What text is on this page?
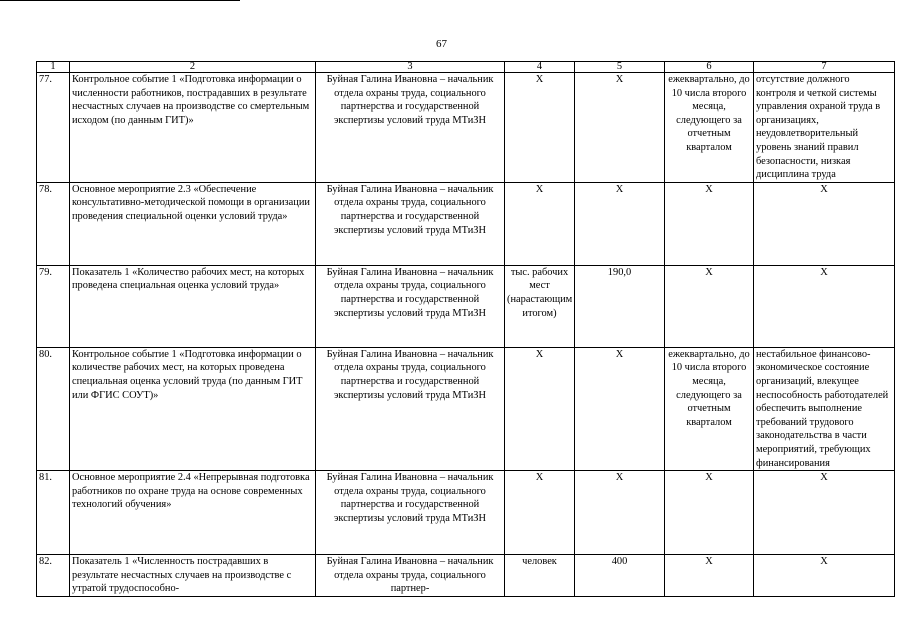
67
1	2	3	4	5	6	7
77.	Контрольное событие 1 «Подготовка информации о численности работников, пострадавших в результате несчастных случаев на производстве со смертельным исходом (по данным ГИТ)»	Буйная Галина Ивановна – начальник отдела охраны труда, социального партнерства и государственной экспертизы условий труда МТиЗН	Х	Х	ежеквартально, до 10 числа второго месяца, следующего за отчетным кварталом	отсутствие должного контроля и четкой системы управления охраной труда в организациях, неудовлетворительный уровень знаний правил безопасности, низкая дисциплина труда
78.	Основное мероприятие 2.3 «Обеспечение консультативно-методической помощи в организации проведения специальной оценки условий труда»	Буйная Галина Ивановна – начальник отдела охраны труда, социального партнерства и государственной экспертизы условий труда МТиЗН	Х	Х	Х	Х
79.	Показатель 1 «Количество рабочих мест, на которых проведена специальная оценка условий труда»	Буйная Галина Ивановна – начальник отдела охраны труда, социального партнерства и государственной экспертизы условий труда МТиЗН	тыс. рабочих мест (нарастающим итогом)	190,0	Х	Х
80.	Контрольное событие 1 «Подготовка информации о количестве рабочих мест, на которых проведена специальная оценка условий труда (по данным ГИТ или ФГИС СОУТ)»	Буйная Галина Ивановна – начальник отдела охраны труда, социального партнерства и государственной экспертизы условий труда МТиЗН	Х	Х	ежеквартально, до 10 числа второго месяца, следующего за отчетным кварталом	нестабильное финансово-экономическое состояние организаций, влекущее неспособность работодателей обеспечить выполнение требований трудового законодательства в части мероприятий, требующих финансирования
81.	Основное мероприятие 2.4 «Непрерывная подготовка работников по охране труда на основе современных технологий обучения»	Буйная Галина Ивановна – начальник отдела охраны труда, социального партнерства и государственной экспертизы условий труда МТиЗН	Х	Х	Х	Х
82.	Показатель 1 «Численность пострадавших в результате несчастных случаев на производстве с утратой трудоспособно-	Буйная Галина Ивановна – начальник отдела охраны труда, социального партнер-	человек	400	Х	Х
